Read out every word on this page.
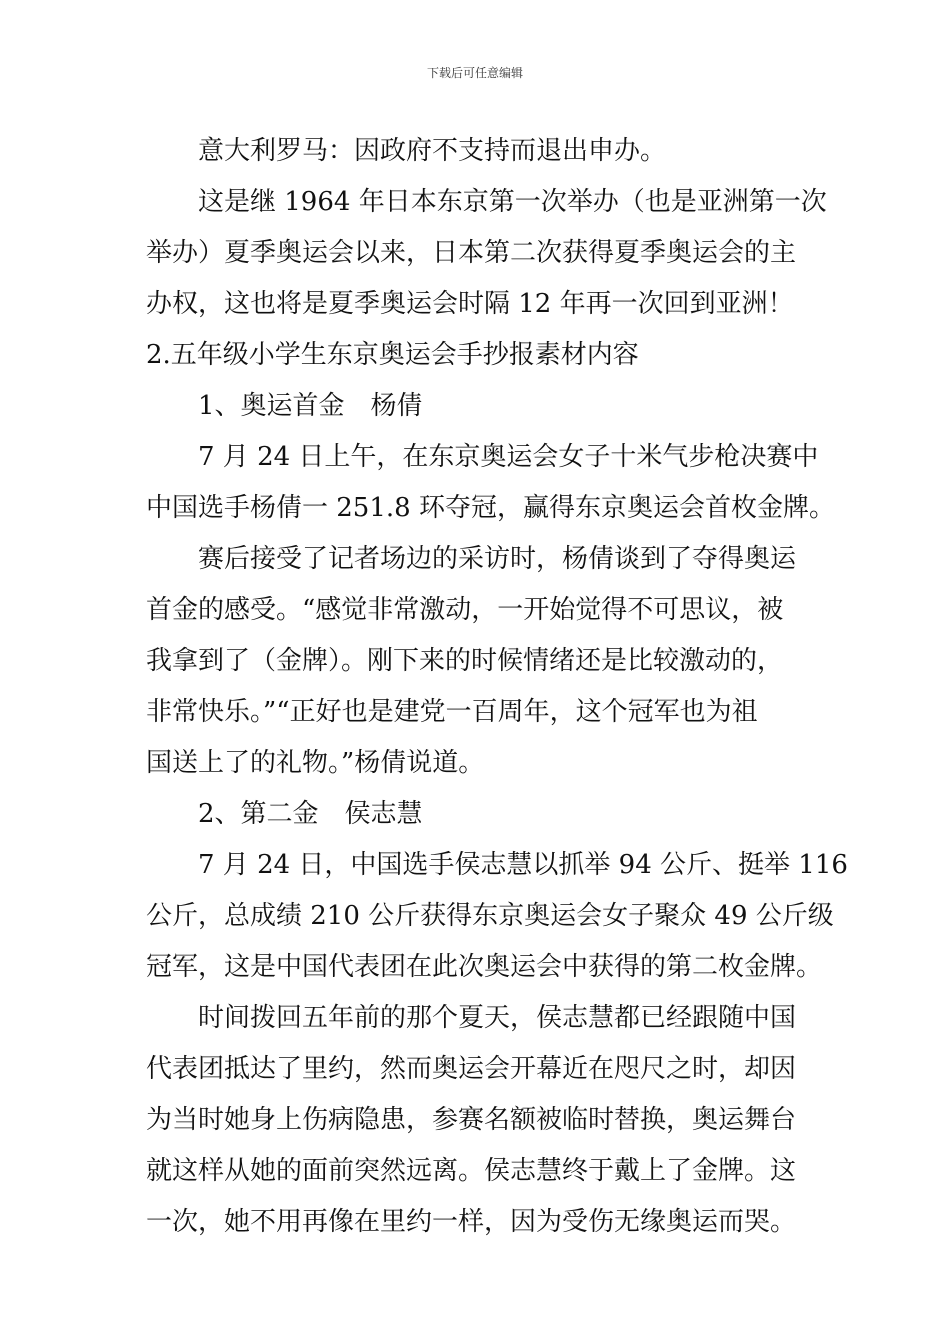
下载后可任意编辑
意大利罗马：因政府不支持而退出申办。
这是继 1964 年日本东京第一次举办（也是亚洲第一次
举办）夏季奥运会以来，日本第二次获得夏季奥运会的主
办权，这也将是夏季奥运会时隔 12 年再一次回到亚洲！
2.五年级小学生东京奥运会手抄报素材内容
1、奥运首金　杨倩
7 月 24 日上午，在东京奥运会女子十米气步枪决赛中
中国选手杨倩一 251.8 环夺冠，赢得东京奥运会首枚金牌。
赛后接受了记者场边的采访时，杨倩谈到了夺得奥运
首金的感受。“感觉非常激动，一开始觉得不可思议，被
我拿到了（金牌）。刚下来的时候情绪还是比较激动的，
非常快乐。”“正好也是建党一百周年，这个冠军也为祖
国送上了的礼物。”杨倩说道。
2、第二金　侯志慧
7 月 24 日，中国选手侯志慧以抓举 94 公斤、挺举 116
公斤，总成绩 210 公斤获得东京奥运会女子聚众 49 公斤级
冠军，这是中国代表团在此次奥运会中获得的第二枚金牌。
时间拨回五年前的那个夏天，侯志慧都已经跟随中国
代表团抵达了里约，然而奥运会开幕近在咫尺之时，却因
为当时她身上伤病隐患，参赛名额被临时替换，奥运舞台
就这样从她的面前突然远离。侯志慧终于戴上了金牌。这
一次，她不用再像在里约一样，因为受伤无缘奥运而哭。
